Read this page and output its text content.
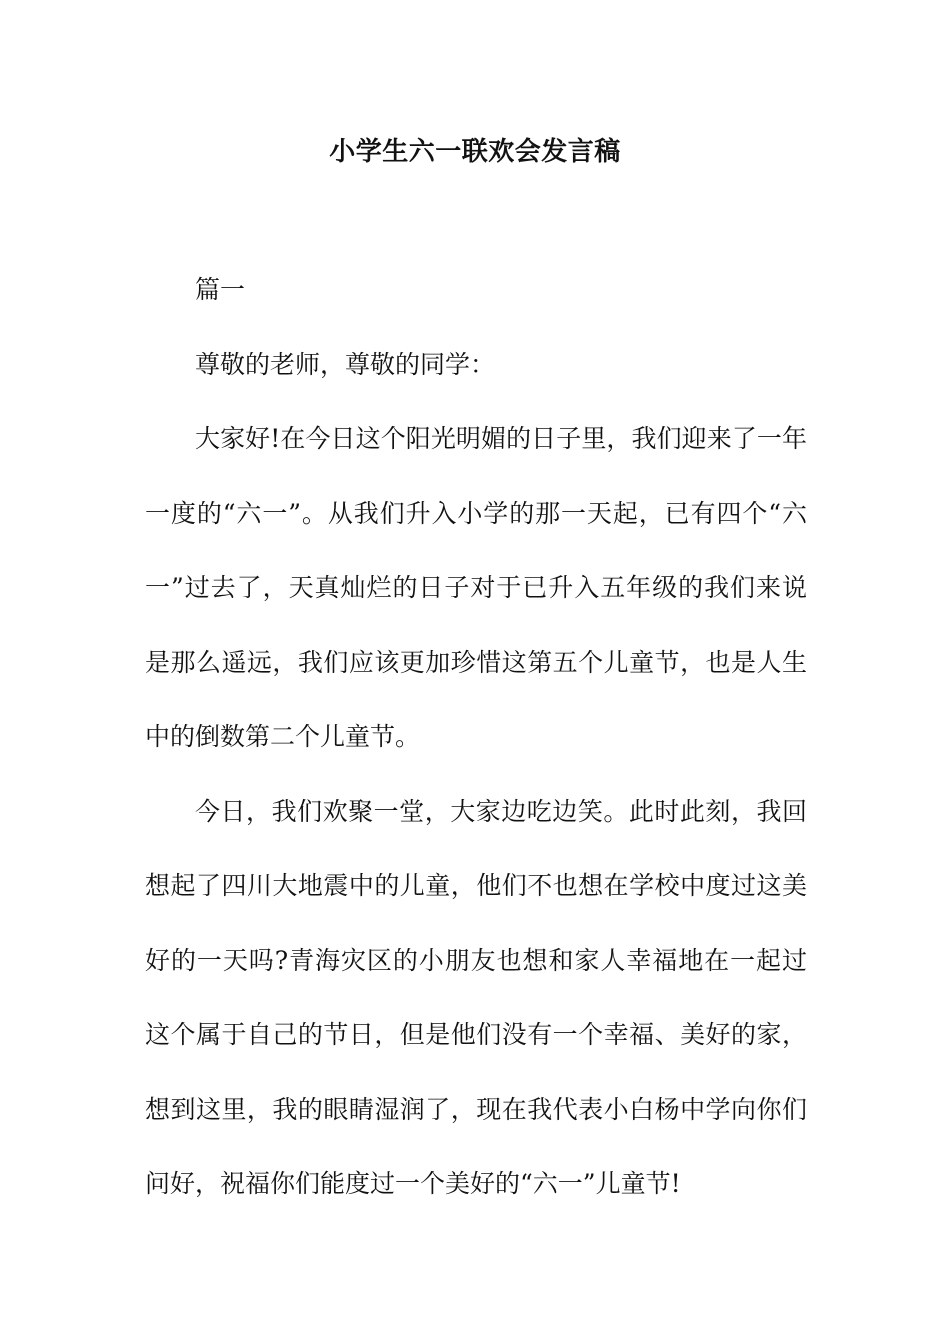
小学生六一联欢会发言稿

篇一

尊敬的老师，尊敬的同学：

大家好!在今日这个阳光明媚的日子里，我们迎来了一年一度的“六一”。从我们升入小学的那一天起，已有四个“六一”过去了，天真灿烂的日子对于已升入五年级的我们来说是那么遥远，我们应该更加珍惜这第五个儿童节，也是人生中的倒数第二个儿童节。

今日，我们欢聚一堂，大家边吃边笑。此时此刻，我回想起了四川大地震中的儿童，他们不也想在学校中度过这美好的一天吗?青海灾区的小朋友也想和家人幸福地在一起过这个属于自己的节日，但是他们没有一个幸福、美好的家，想到这里，我的眼睛湿润了，现在我代表小白杨中学向你们问好，祝福你们能度过一个美好的“六一”儿童节!
